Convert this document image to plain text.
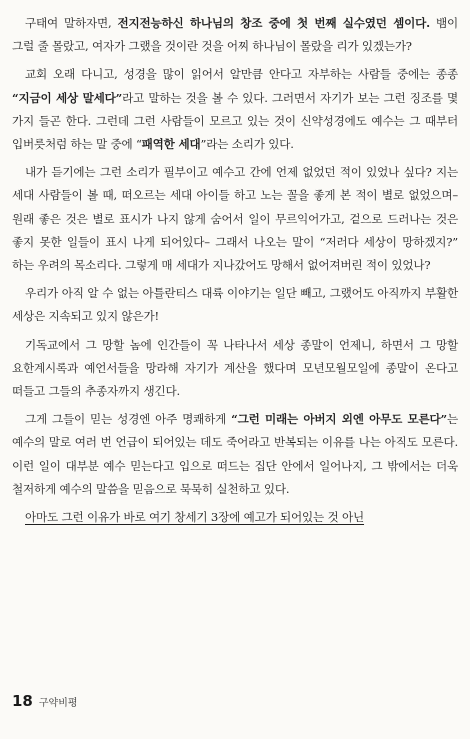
구태여 말하자면, 전지전능하신 하나님의 창조 중에 첫 번째 실수였던 셈이다. 뱀이 그럴 줄 몰랐고, 여자가 그랬을 것이란 것을 어찌 하나님이 몰랐을 리가 있겠는가?

교회 오래 다니고, 성경을 많이 읽어서 알만큼 안다고 자부하는 사람들 중에는 종종 “지금이 세상 말세다”라고 말하는 것을 볼 수 있다. 그러면서 자기가 보는 그런 징조를 몇 가지 들곤 한다. 그런데 그런 사람들이 모르고 있는 것이 신약성경에도 예수는 그 때부터 입버릇처럼 하는 말 중에 “패역한 세대”라는 소리가 있다.

내가 듣기에는 그런 소리가 필부이고 예수고 간에 언제 없었던 적이 있었나 싶다? 지는 세대 사람들이 볼 때, 떠오르는 세대 아이들 하고 노는 꼴을 좋게 본 적이 별로 없었으며– 원래 좋은 것은 별로 표시가 나지 않게 숨어서 일이 무르익어가고, 겉으로 드러나는 것은 좋지 못한 일들이 표시 나게 되어있다– 그래서 나오는 말이 “저러다 세상이 망하겠지?” 하는 우려의 목소리다. 그렇게 매 세대가 지나갔어도 망해서 없어져버린 적이 있었나?

우리가 아직 알 수 없는 아틀란티스 대륙 이야기는 일단 빼고, 그랬어도 아직까지 부활한 세상은 지속되고 있지 않은가!

기독교에서 그 망할 놈에 인간들이 꼭 나타나서 세상 종말이 언제니, 하면서 그 망할 요한계시록과 예언서들을 망라해 자기가 계산을 했다며 모년모월모일에 종말이 온다고 떠들고 그들의 추종자까지 생긴다.

그게 그들이 믿는 성경엔 아주 명쾌하게 “그런 미래는 아버지 외엔 아무도 모른다”는 예수의 말로 여러 번 언급이 되어있는 데도 죽어라고 반복되는 이유를 나는 아직도 모른다. 이런 일이 대부분 예수 믿는다고 입으로 떠드는 집단 안에서 일어나지, 그 밖에서는 더욱 철저하게 예수의 말씀을 믿음으로 묵묵히 실천하고 있다.

아마도 그런 이유가 바로 여기 창세기 3장에 예고가 되어있는 것 아닌

18 구약비평
